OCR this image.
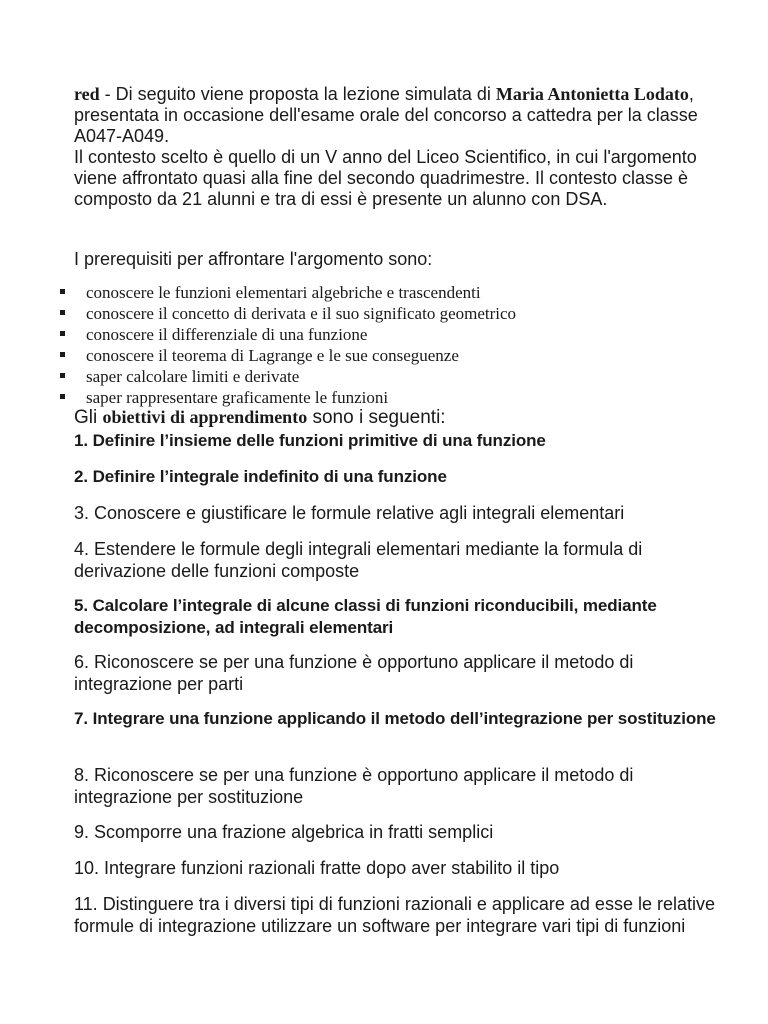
red - Di seguito viene proposta la lezione simulata di Maria Antonietta Lodato, presentata in occasione dell'esame orale del concorso a cattedra per la classe A047-A049.
Il contesto scelto è quello di un V anno del Liceo Scientifico, in cui l'argomento viene affrontato quasi alla fine del secondo quadrimestre. Il contesto classe è composto da 21 alunni e tra di essi è presente un alunno con DSA.

I prerequisiti per affrontare l'argomento sono:

conoscere le funzioni elementari algebriche e trascendenti
conoscere il concetto di derivata e il suo significato geometrico
conoscere il differenziale di una funzione
conoscere il teorema di Lagrange e le sue conseguenze
saper calcolare limiti e derivate
saper rappresentare graficamente le funzioni

Gli obiettivi di apprendimento sono i seguenti:

1. Definire l’insieme delle funzioni primitive di una funzione
2. Definire l’integrale indefinito di una funzione
3. Conoscere e giustificare le formule relative agli integrali elementari
4. Estendere le formule degli integrali elementari mediante la formula di derivazione delle funzioni composte
5. Calcolare l’integrale di alcune classi di funzioni riconducibili, mediante decomposizione, ad integrali elementari
6. Riconoscere se per una funzione è opportuno applicare il metodo di integrazione per parti
7. Integrare una funzione applicando il metodo dell’integrazione per sostituzione
8. Riconoscere se per una funzione è opportuno applicare il metodo di integrazione per sostituzione
9. Scomporre una frazione algebrica in fratti semplici
10. Integrare funzioni razionali fratte dopo aver stabilito il tipo
11. Distinguere tra i diversi tipi di funzioni razionali e applicare ad esse le relative formule di integrazione utilizzare un software per integrare vari tipi di funzioni
